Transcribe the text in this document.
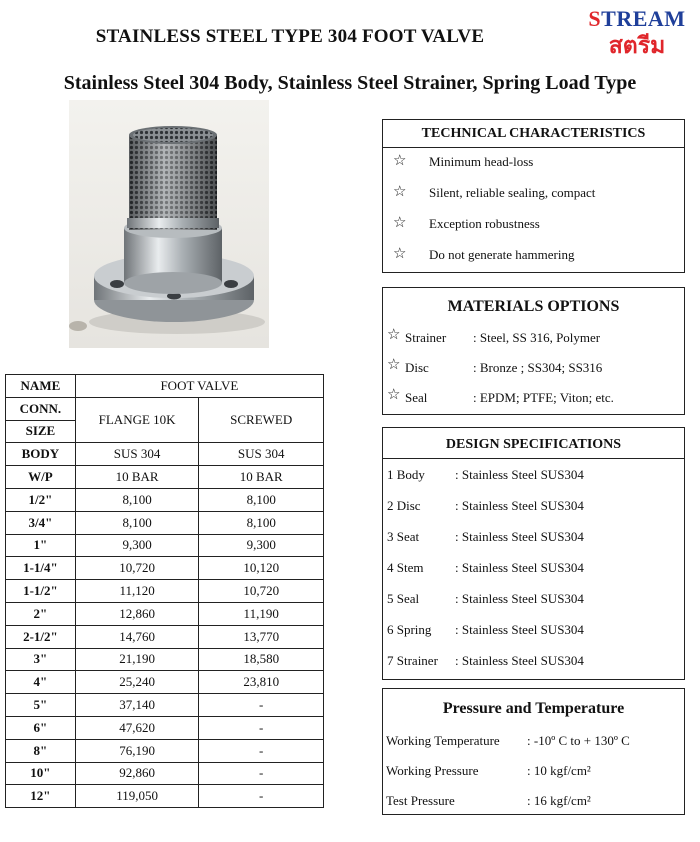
STAINLESS STEEL TYPE 304 FOOT VALVE
STREAM
สตรีม
Stainless Steel 304 Body, Stainless Steel Strainer, Spring Load Type
NAME	FOOT VALVE	
CONN.	FLANGE 10K	SCREWED
SIZE		
BODY	SUS 304	SUS 304
W/P	10 BAR	10 BAR
1/2"	8,100	8,100
3/4"	8,100	8,100
1"	9,300	9,300
1-1/4"	10,720	10,120
1-1/2"	11,120	10,720
2"	12,860	11,190
2-1/2"	14,760	13,770
3"	21,190	18,580
4"	25,240	23,810
5"	37,140	-
6"	47,620	-
8"	76,190	-
10"	92,860	-
12"	119,050	-
TECHNICAL CHARACTERISTICS
☆ Minimum head-loss
☆ Silent, reliable sealing, compact
☆ Exception robustness
☆ Do not generate hammering
MATERIALS OPTIONS
☆ Strainer : Steel, SS 316, Polymer
☆ Disc	: Bronze ; SS304; SS316
☆ Seal	: EPDM; PTFE; Viton; etc.
DESIGN SPECIFICATIONS
1 Body : Stainless Steel SUS304
2 Disc	: Stainless Steel SUS304
3 Seat	: Stainless Steel SUS304
4 Stem : Stainless Steel SUS304
5 Seal	: Stainless Steel SUS304
6 Spring : Stainless Steel SUS304
7 Strainer : Stainless Steel SUS304
Pressure and Temperature
Working Temperature : -10º C to + 130º C
Working Pressure	: 10 kgf/cm²
Test Pressure	: 16 kgf/cm²
